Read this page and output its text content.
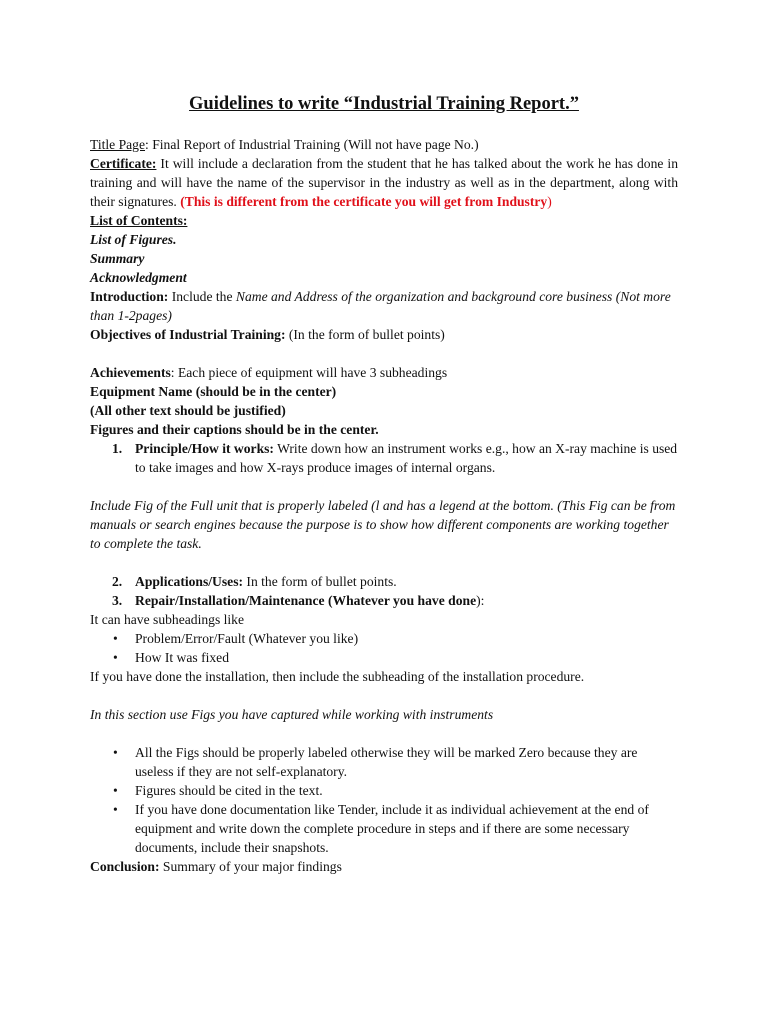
Guidelines to write “Industrial Training Report.”

Title Page: Final Report of Industrial Training (Will not have page No.)

Certificate: It will include a declaration from the student that he has talked about the work he has done in training and will have the name of the supervisor in the industry as well as in the department, along with their signatures. (This is different from the certificate you will get from Industry)

List of Contents:

List of Figures.

Summary

Acknowledgment

Introduction: Include the Name and Address of the organization and background core business (Not more than 1-2pages)

Objectives of Industrial Training: (In the form of bullet points)

Achievements: Each piece of equipment will have 3 subheadings

Equipment Name (should be in the center)

(All other text should be justified)

Figures and their captions should be in the center.

1. Principle/How it works: Write down how an instrument works e.g., how an X-ray machine is used to take images and how X-rays produce images of internal organs.

Include Fig of the Full unit that is properly labeled (l and has a legend at the bottom. (This Fig can be from manuals or search engines because the purpose is to show how different components are working together to complete the task.

2. Applications/Uses: In the form of bullet points.
3. Repair/Installation/Maintenance (Whatever you have done):

It can have subheadings like

• Problem/Error/Fault (Whatever you like)
• How It was fixed

If you have done the installation, then include the subheading of the installation procedure.

In this section use Figs you have captured while working with instruments

• All the Figs should be properly labeled otherwise they will be marked Zero because they are useless if they are not self-explanatory.
• Figures should be cited in the text.
• If you have done documentation like Tender, include it as individual achievement at the end of equipment and write down the complete procedure in steps and if there are some necessary documents, include their snapshots.

Conclusion: Summary of your major findings
